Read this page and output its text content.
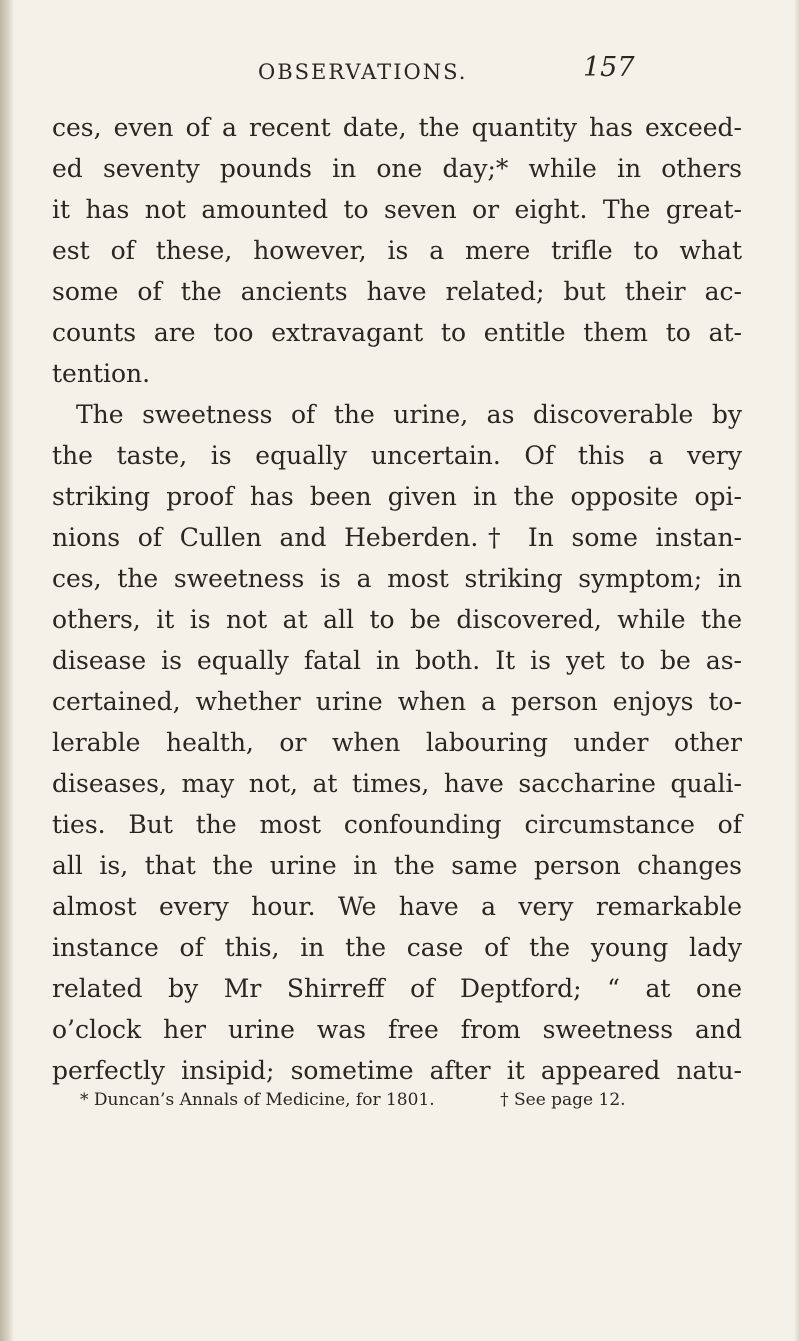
OBSERVATIONS.	157
ces, even of a recent date, the quantity has exceed-
ed seventy pounds in one day;* while in others
it has not amounted to seven or eight. The great-
est of these, however, is a mere trifle to what
some of the ancients have related; but their ac-
counts are too extravagant to entitle them to at-
tention.
The sweetness of the urine, as discoverable by
the taste, is equally uncertain. Of this a very
striking proof has been given in the opposite opi-
nions of Cullen and Heberden.† In some instan-
ces, the sweetness is a most striking symptom; in
others, it is not at all to be discovered, while the
disease is equally fatal in both. It is yet to be as-
certained, whether urine when a person enjoys to-
lerable health, or when labouring under other
diseases, may not, at times, have saccharine quali-
ties. But the most confounding circumstance of
all is, that the urine in the same person changes
almost every hour. We have a very remarkable
instance of this, in the case of the young lady
related by Mr Shirreff of Deptford; “ at one
o’clock her urine was free from sweetness and
perfectly insipid; sometime after it appeared natu-
* Duncan’s Annals of Medicine, for 1801.	† See page 12.
